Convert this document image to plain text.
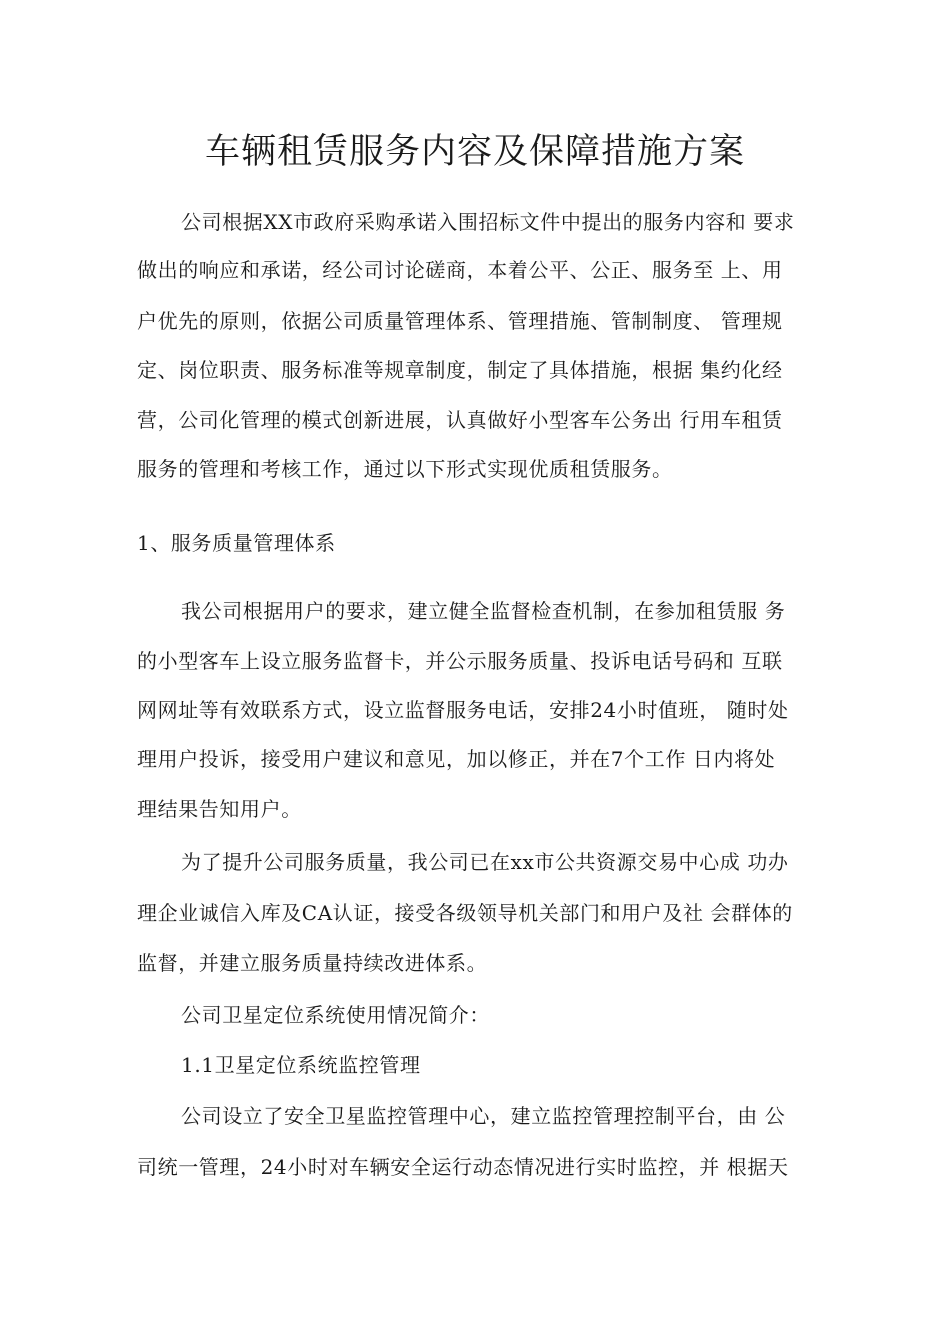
车辆租赁服务内容及保障措施方案
公司根据XX市政府采购承诺入围招标文件中提出的服务内容和 要求
做出的响应和承诺，经公司讨论磋商，本着公平、公正、服务至 上、用
户优先的原则，依据公司质量管理体系、管理措施、管制制度、 管理规
定、岗位职责、服务标准等规章制度，制定了具体措施，根据 集约化经
营，公司化管理的模式创新进展，认真做好小型客车公务出 行用车租赁
服务的管理和考核工作，通过以下形式实现优质租赁服务。
1、服务质量管理体系
我公司根据用户的要求，建立健全监督检查机制，在参加租赁服 务
的小型客车上设立服务监督卡，并公示服务质量、投诉电话号码和 互联
网网址等有效联系方式，设立监督服务电话，安排24小时值班， 随时处
理用户投诉，接受用户建议和意见，加以修正，并在7个工作 日内将处
理结果告知用户。
为了提升公司服务质量，我公司已在xx市公共资源交易中心成 功办
理企业诚信入库及CA认证，接受各级领导机关部门和用户及社 会群体的
监督，并建立服务质量持续改进体系。
公司卫星定位系统使用情况简介：
1.1卫星定位系统监控管理
公司设立了安全卫星监控管理中心，建立监控管理控制平台，由 公
司统一管理，24小时对车辆安全运行动态情况进行实时监控，并 根据天
